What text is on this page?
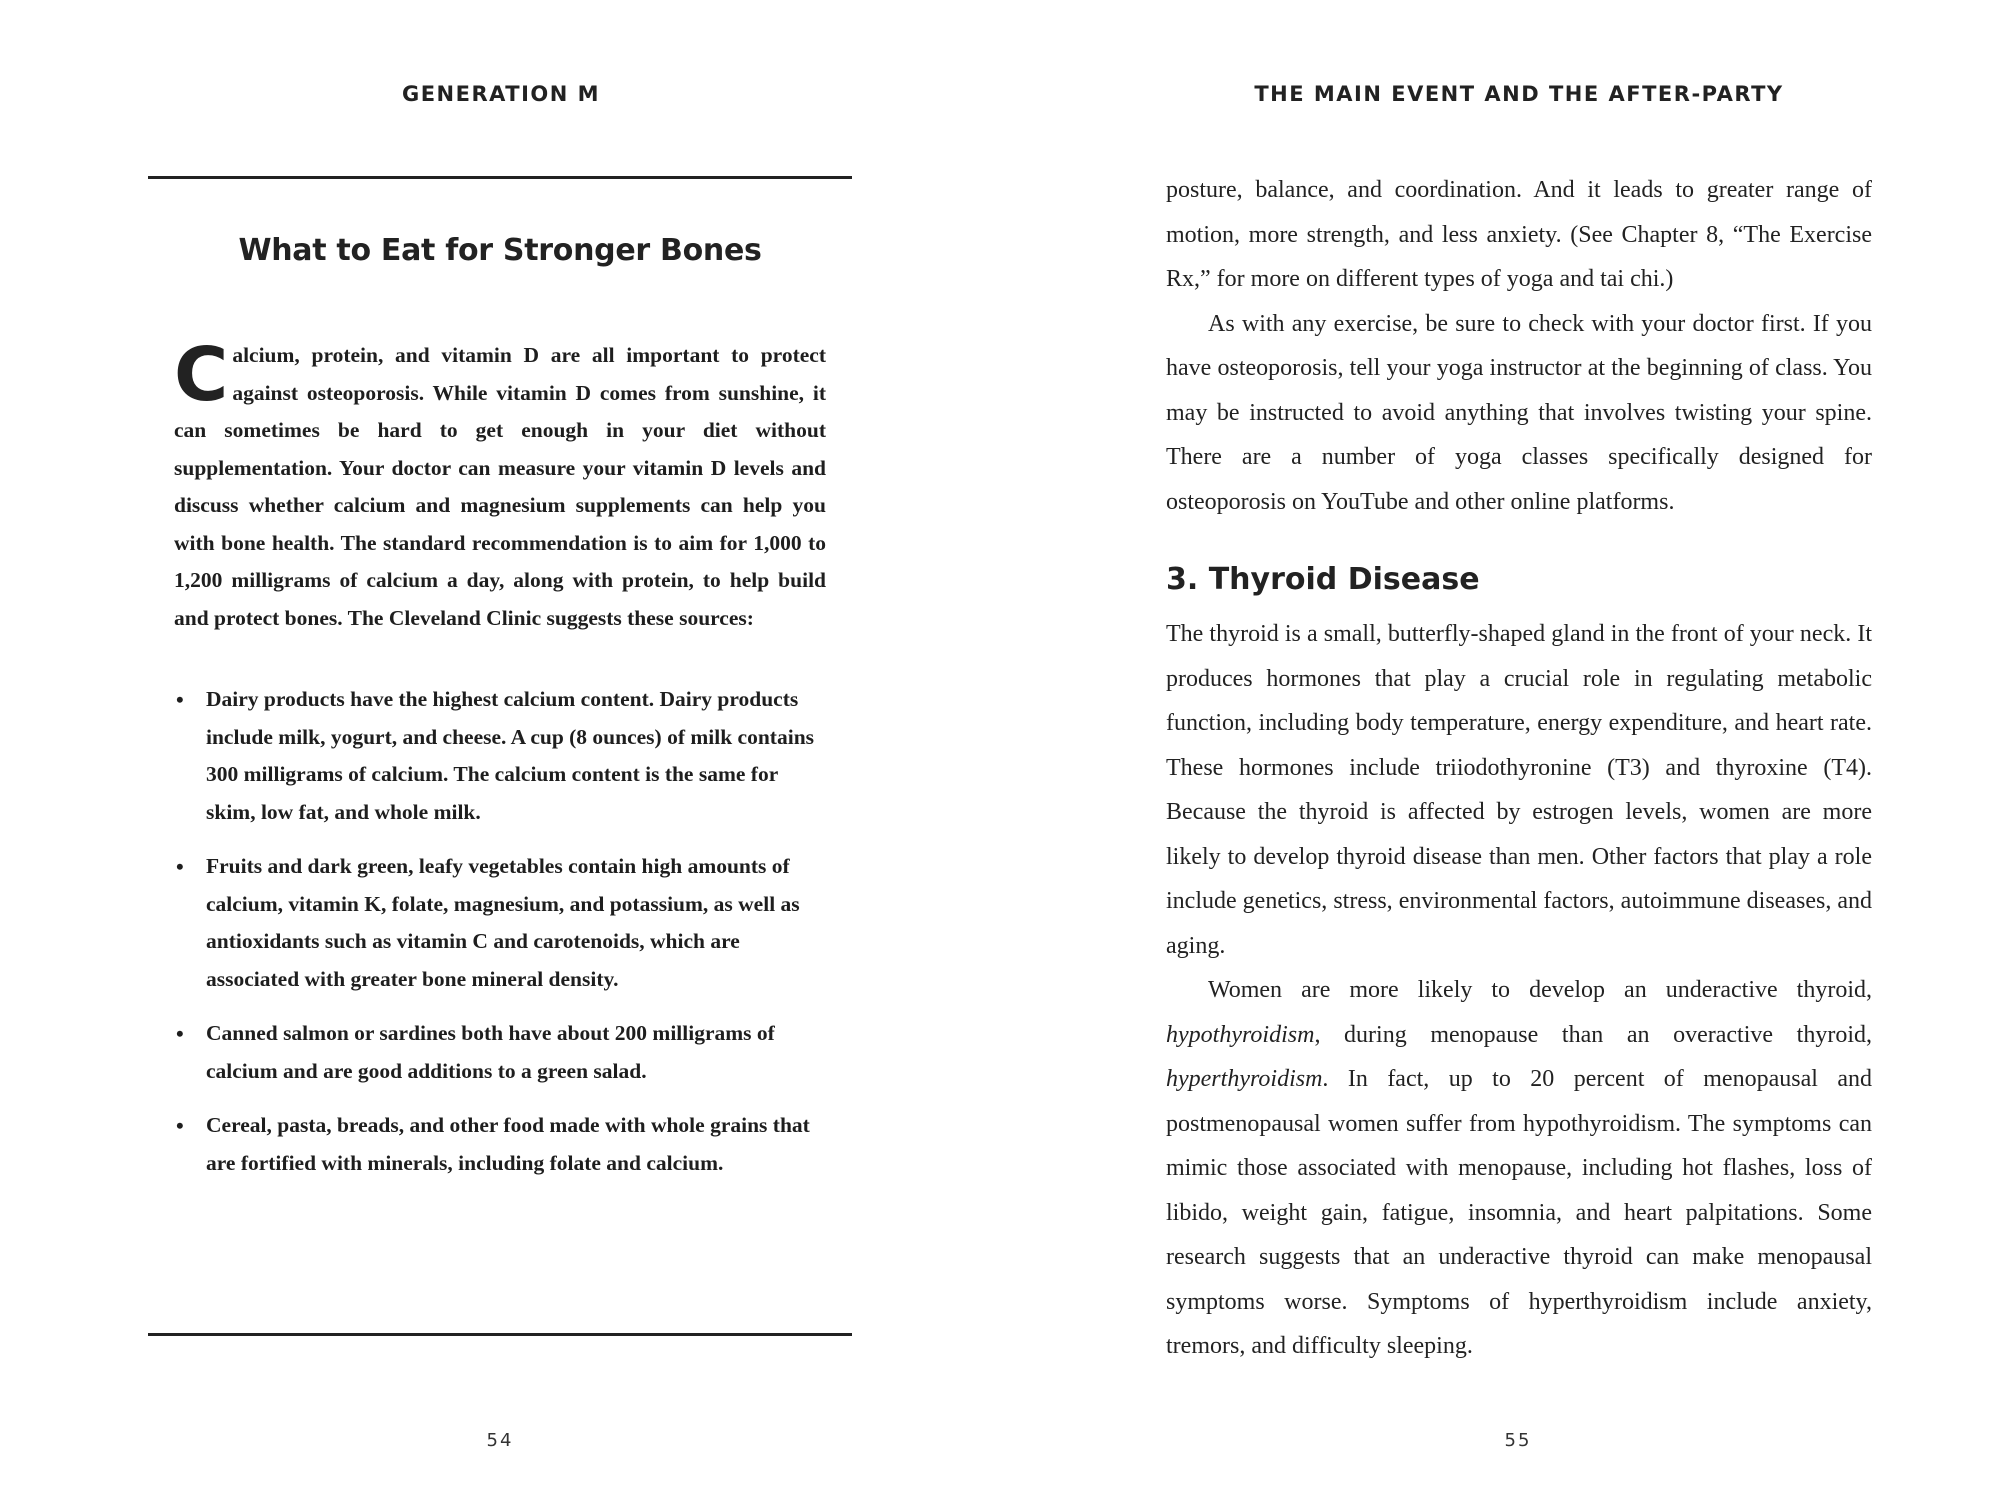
GENERATION M
What to Eat for Stronger Bones
Calcium, protein, and vitamin D are all important to protect against osteoporosis. While vitamin D comes from sunshine, it can sometimes be hard to get enough in your diet without supplementation. Your doctor can measure your vitamin D levels and discuss whether calcium and magnesium supplements can help you with bone health. The standard recommendation is to aim for 1,000 to 1,200 milligrams of calcium a day, along with protein, to help build and protect bones. The Cleveland Clinic suggests these sources:
• Dairy products have the highest calcium content. Dairy products include milk, yogurt, and cheese. A cup (8 ounces) of milk contains 300 milligrams of calcium. The calcium content is the same for skim, low fat, and whole milk.
• Fruits and dark green, leafy vegetables contain high amounts of calcium, vitamin K, folate, magnesium, and potassium, as well as antioxidants such as vitamin C and carotenoids, which are associated with greater bone mineral density.
• Canned salmon or sardines both have about 200 milligrams of calcium and are good additions to a green salad.
• Cereal, pasta, breads, and other food made with whole grains that are fortified with minerals, including folate and calcium.
54
THE MAIN EVENT AND THE AFTER-PARTY

posture, balance, and coordination. And it leads to greater range of motion, more strength, and less anxiety. (See Chapter 8, “The Exercise Rx,” for more on different types of yoga and tai chi.)

As with any exercise, be sure to check with your doctor first. If you have osteoporosis, tell your yoga instructor at the beginning of class. You may be instructed to avoid anything that involves twisting your spine. There are a number of yoga classes specifically designed for osteoporosis on YouTube and other online platforms.

3. Thyroid Disease

The thyroid is a small, butterfly-shaped gland in the front of your neck. It produces hormones that play a crucial role in regulating metabolic function, including body temperature, energy expenditure, and heart rate. These hormones include triiodothyronine (T3) and thyroxine (T4). Because the thyroid is affected by estrogen levels, women are more likely to develop thyroid disease than men. Other factors that play a role include genetics, stress, environmental factors, autoimmune diseases, and aging.

Women are more likely to develop an underactive thyroid, hypothyroidism, during menopause than an overactive thyroid, hyperthyroidism. In fact, up to 20 percent of menopausal and postmenopausal women suffer from hypothyroidism. The symptoms can mimic those associated with menopause, including hot flashes, loss of libido, weight gain, fatigue, insomnia, and heart palpitations. Some research suggests that an underactive thyroid can make menopausal symptoms worse. Symptoms of hyperthyroidism include anxiety, tremors, and difficulty sleeping.

55
